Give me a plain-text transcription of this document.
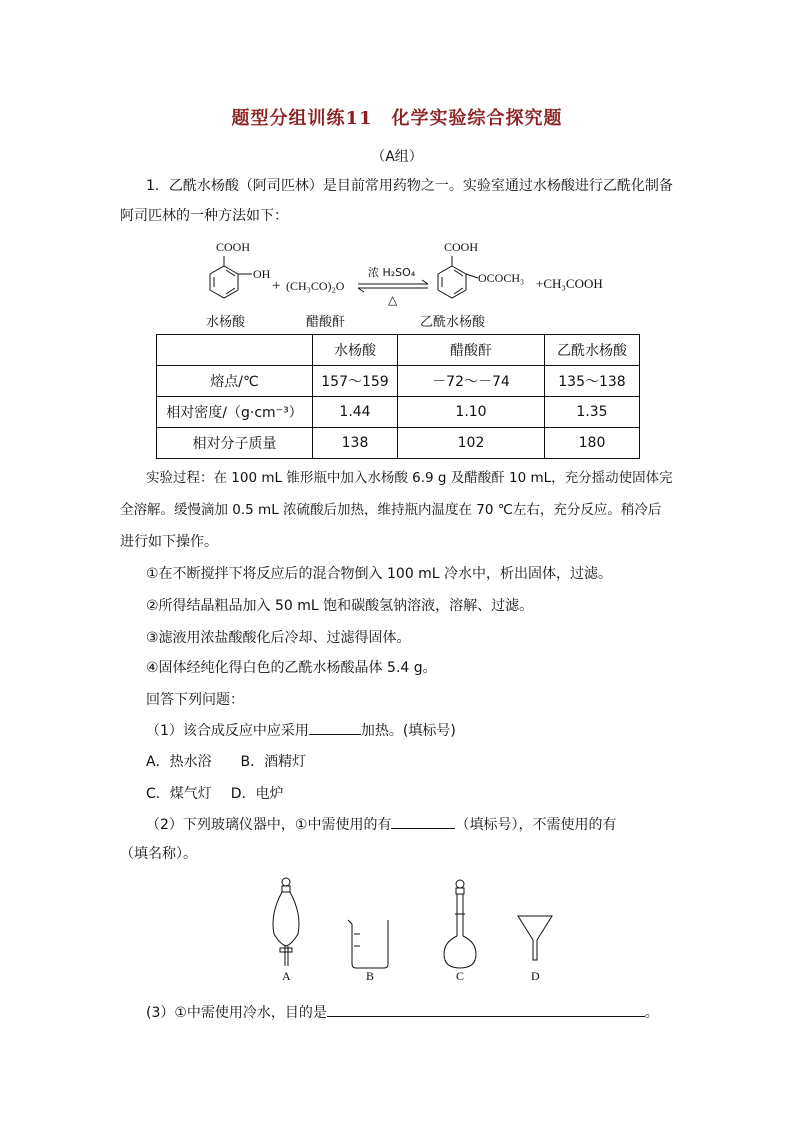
题型分组训练11　化学实验综合探究题
（A组）
1．乙酰水杨酸（阿司匹林）是目前常用药物之一。实验室通过水杨酸进行乙酰化制备
阿司匹林的一种方法如下：
COOH
OH
+ (CH₃CO)₂O
浓 H₂SO₄
△
COOH
OCOCH₃ +CH₃COOH
水杨酸	醋酸酐	乙酰水杨酸
	水杨酸	醋酸酐	乙酰水杨酸
熔点/℃	157～159	－72～－74	135～138
相对密度/（g·cm⁻³）	1.44	1.10	1.35
相对分子质量	138	102	180
实验过程：在 100 mL 锥形瓶中加入水杨酸 6.9 g 及醋酸酐 10 mL，充分摇动使固体完
全溶解。缓慢滴加 0.5 mL 浓硫酸后加热，维持瓶内温度在 70 ℃左右，充分反应。稍冷后
进行如下操作。
①在不断搅拌下将反应后的混合物倒入 100 mL 冷水中，析出固体，过滤。
②所得结晶粗品加入 50 mL 饱和碳酸氢钠溶液，溶解、过滤。
③滤液用浓盐酸酸化后冷却、过滤得固体。
④固体经纯化得白色的乙酰水杨酸晶体 5.4 g。
回答下列问题：
（1）该合成反应中应采用	加热。(填标号)
A．热水浴 B．酒精灯
C．煤气灯 D．电炉
（2）下列玻璃仪器中，①中需使用的有	（填标号），不需使用的有
（填名称）。
A	B	C	D
(3）①中需使用冷水，目的是	。
